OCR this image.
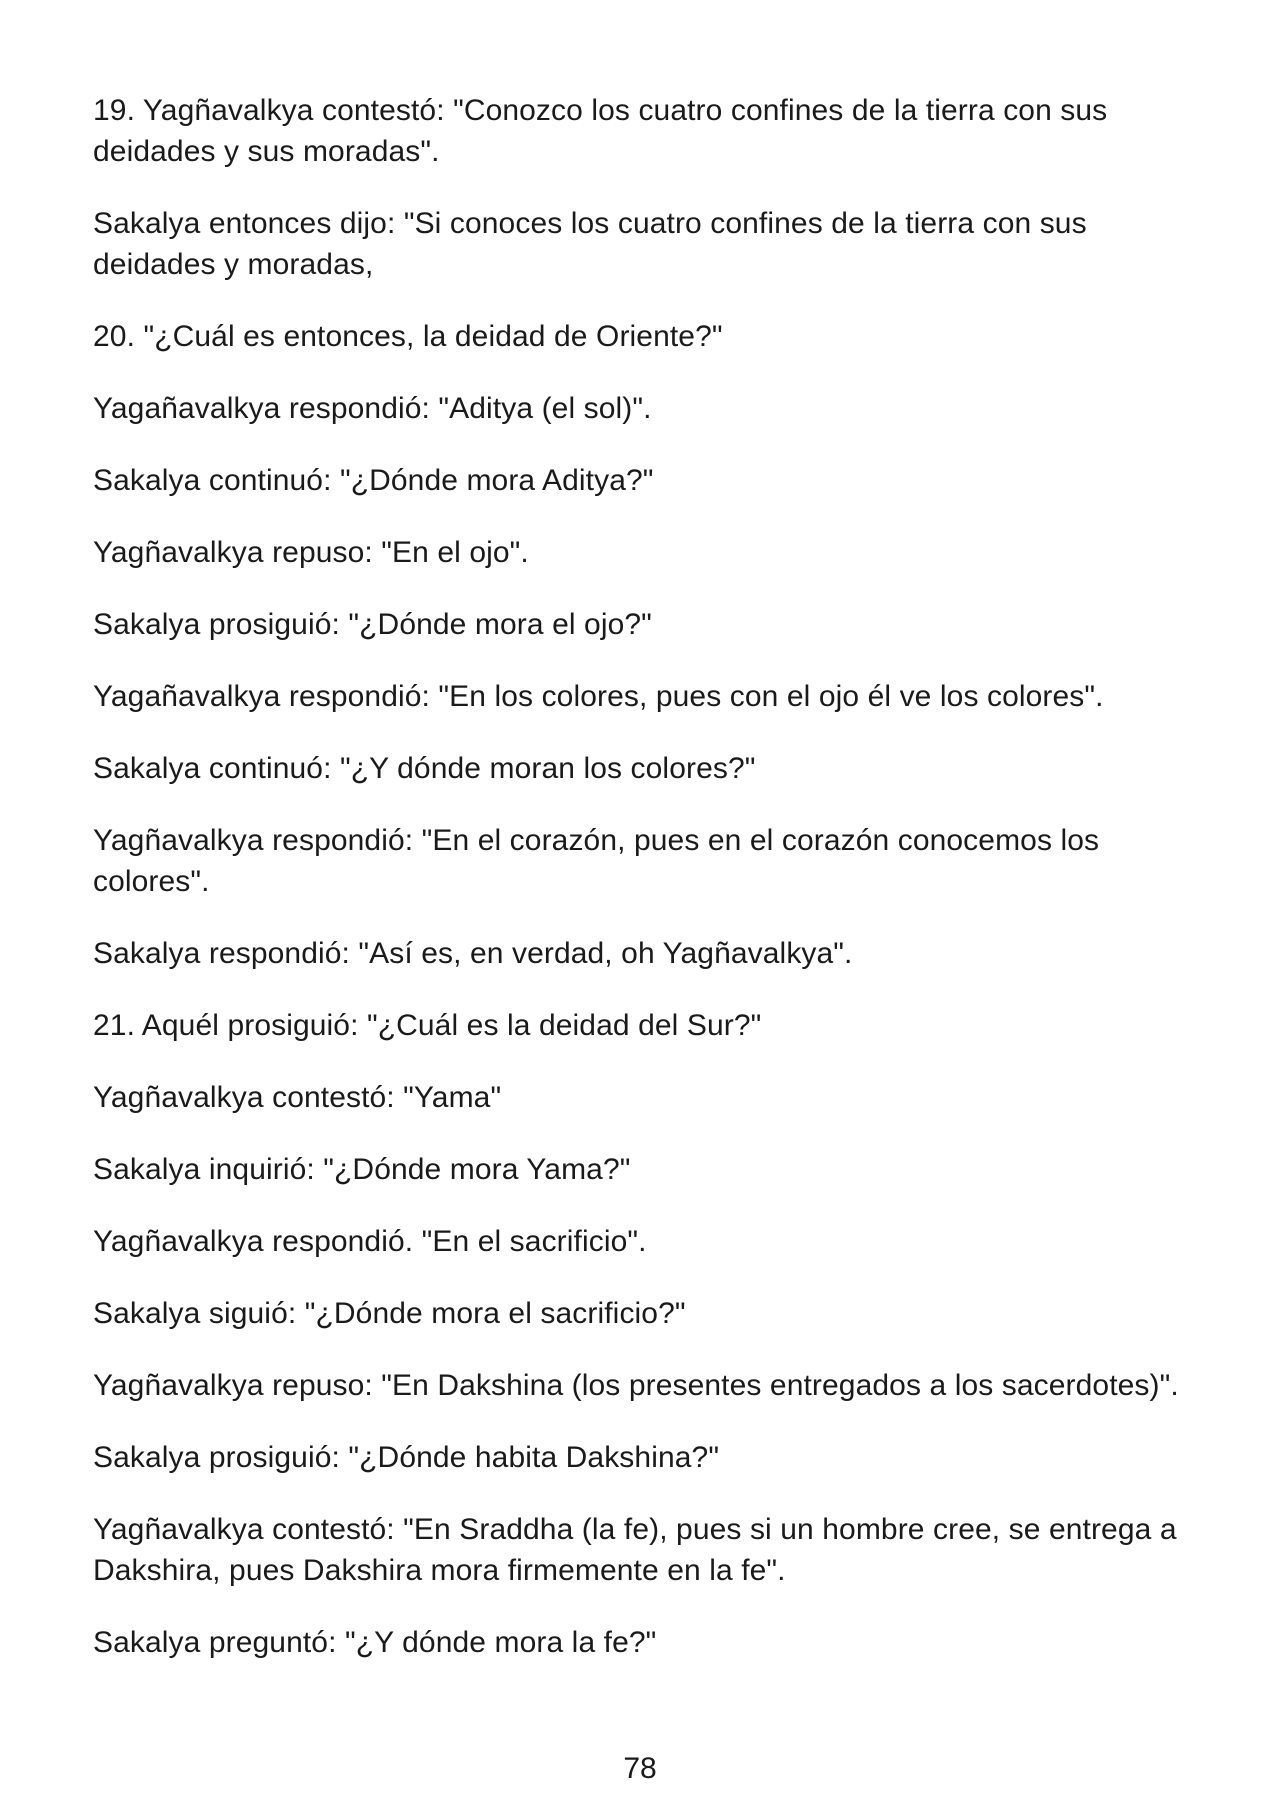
19. Yagñavalkya contestó: "Conozco los cuatro confines de la tierra con sus deidades y sus moradas".

Sakalya entonces dijo: "Si conoces los cuatro confines de la tierra con sus deidades y moradas,

20. "¿Cuál es entonces, la deidad de Oriente?"

Yagañavalkya respondió: "Aditya (el sol)".

Sakalya continuó: "¿Dónde mora Aditya?"

Yagñavalkya repuso: "En el ojo".

Sakalya prosiguió: "¿Dónde mora el ojo?"

Yagañavalkya respondió: "En los colores, pues con el ojo él ve los colores".

Sakalya continuó: "¿Y dónde moran los colores?"

Yagñavalkya respondió: "En el corazón, pues en el corazón conocemos los colores".

Sakalya respondió: "Así es, en verdad, oh Yagñavalkya".

21. Aquél prosiguió: "¿Cuál es la deidad del Sur?"

Yagñavalkya contestó: "Yama"

Sakalya inquirió: "¿Dónde mora Yama?"

Yagñavalkya respondió. "En el sacrificio".

Sakalya siguió: "¿Dónde mora el sacrificio?"

Yagñavalkya repuso: "En Dakshina (los presentes entregados a los sacerdotes)".

Sakalya prosiguió: "¿Dónde habita Dakshina?"

Yagñavalkya contestó: "En Sraddha (la fe), pues si un hombre cree, se entrega a Dakshira, pues Dakshira mora firmemente en la fe".

Sakalya preguntó: "¿Y dónde mora la fe?"

78
